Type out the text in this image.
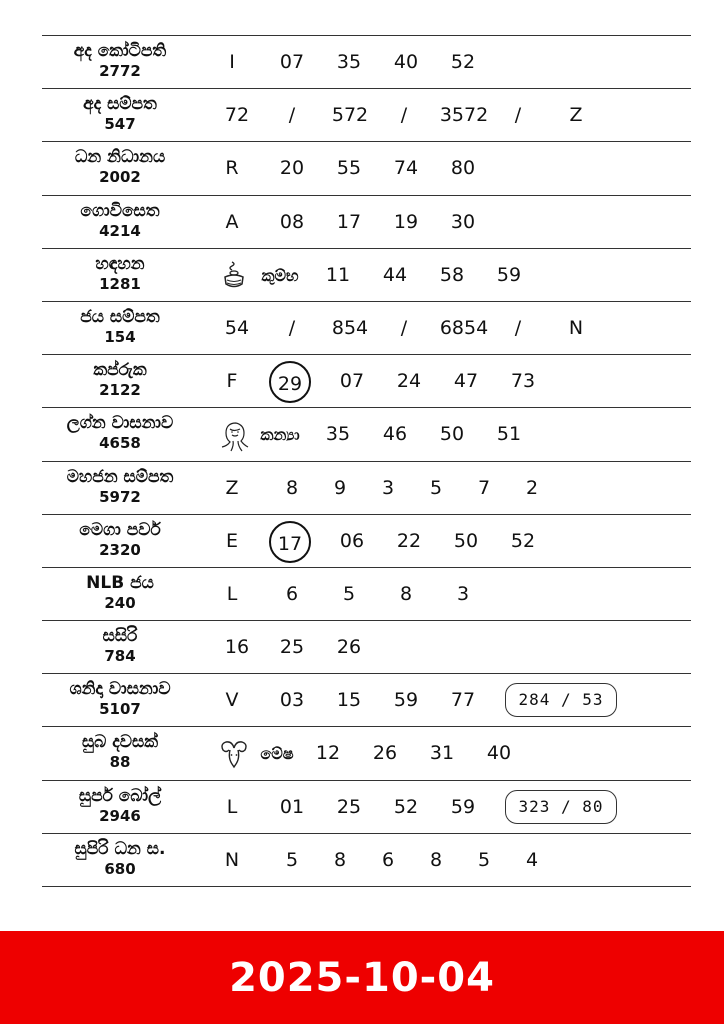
අද කෝටිපති
2772	I 07 35 40 52
අද සම්පත
547	72 / 572 / 3572 /	Z
ධන නිධානය
2002	R 20 55 74 80
ගොවිසෙත
4214	A 08 17 19 30
හඳහන
1281	කුම්භ 11 44 58 59
ජය සම්පත
154	54 / 854 / 6854 /	N
කප්රුක
2122	F	29	07 24 47 73
ලග්න වාසනාව
4658	කන්‍යා 35 46 50 51
මහජන සම්පත
5972	Z 8 9 3 5 7 2
මෙගා පවර්
2320	E	17	06 22 50 52
NLB ජය
240	L	6 5 8 3
සසිරි
784	16 25 26
ශනිදා වාසනාව
5107	V 03 15 59 77	284 / 53
සුබ දවසක්
88	මේෂ 12 26 31 40
සුපර් බෝල්
2946	L 01 25 52 59	323 / 80
සුපිරි ධන ස.
680	N 5 8 6 8 5 4
2025-10-04
